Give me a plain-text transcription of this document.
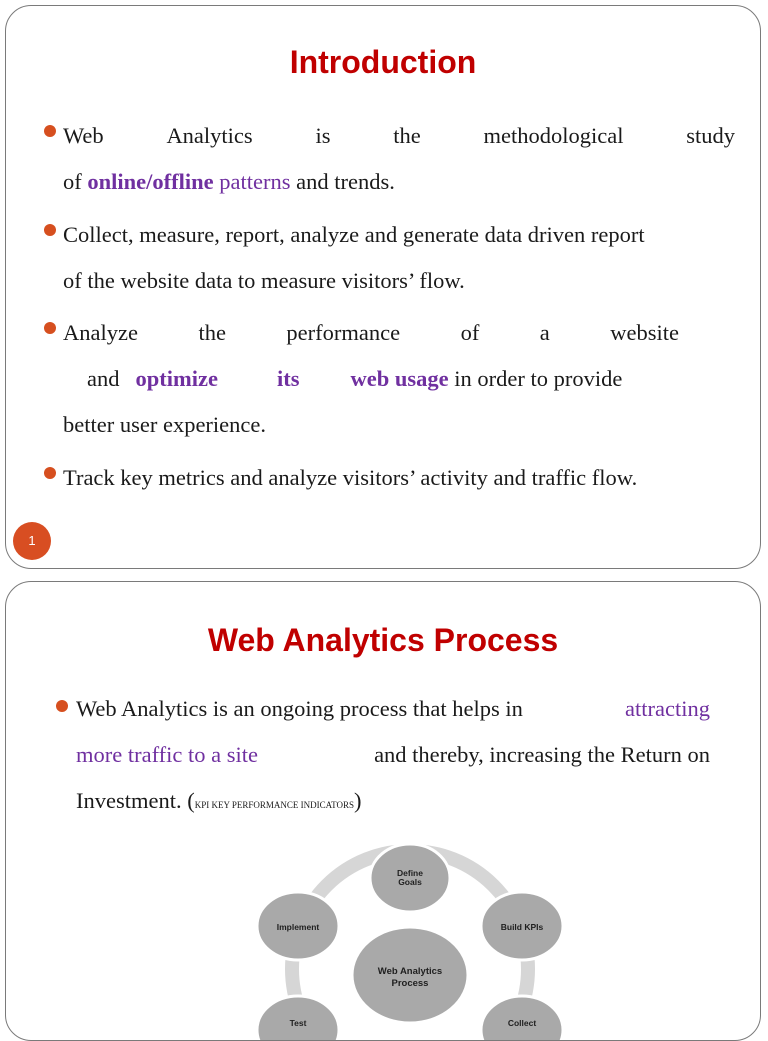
Introduction
Web	Analytics	is	the	methodological	study
of online/offline patterns and trends.
Collect, measure, report, analyze and generate data driven report
of the website data to measure visitors’ flow.
Analyze	the	performance	of	a	website
and optimize	its web usage in order to provide
better user experience.
Track key metrics and analyze visitors’ activity and traffic flow.
1
Web Analytics Process
Web Analytics is an ongoing process that helps in	attracting
more traffic to a site	and thereby, increasing the Return on
Investment. (KPI KEY PERFORMANCE INDICATORS)
Define
Goals
Build KPIs
Implement
Web Analytics
Process
Test	Collect
